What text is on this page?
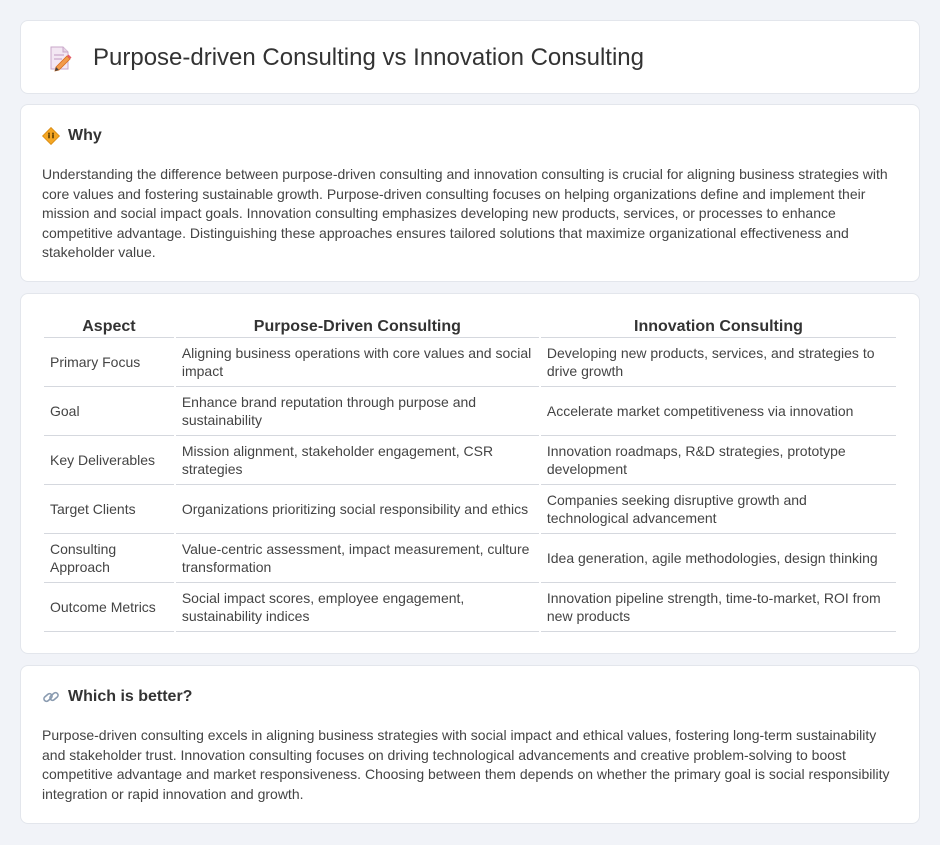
Purpose-driven Consulting vs Innovation Consulting
Why

Understanding the difference between purpose-driven consulting and innovation consulting is crucial for aligning business strategies with core values and fostering sustainable growth. Purpose-driven consulting focuses on helping organizations define and implement their mission and social impact goals. Innovation consulting emphasizes developing new products, services, or processes to enhance competitive advantage. Distinguishing these approaches ensures tailored solutions that maximize organizational effectiveness and stakeholder value.

Aspect	Purpose-Driven Consulting	Innovation Consulting
Primary Focus	Aligning business operations with core values and social impact	Developing new products, services, and strategies to drive growth
Goal	Enhance brand reputation through purpose and sustainability	Accelerate market competitiveness via innovation
Key Deliverables	Mission alignment, stakeholder engagement, CSR strategies	Innovation roadmaps, R&D strategies, prototype development
Target Clients	Organizations prioritizing social responsibility and ethics	Companies seeking disruptive growth and technological advancement
Consulting Approach	Value-centric assessment, impact measurement, culture transformation	Idea generation, agile methodologies, design thinking
Outcome Metrics	Social impact scores, employee engagement, sustainability indices	Innovation pipeline strength, time-to-market, ROI from new products
Which is better?

Purpose-driven consulting excels in aligning business strategies with social impact and ethical values, fostering long-term sustainability and stakeholder trust. Innovation consulting focuses on driving technological advancements and creative problem-solving to boost competitive advantage and market responsiveness. Choosing between them depends on whether the primary goal is social responsibility integration or rapid innovation and growth.
